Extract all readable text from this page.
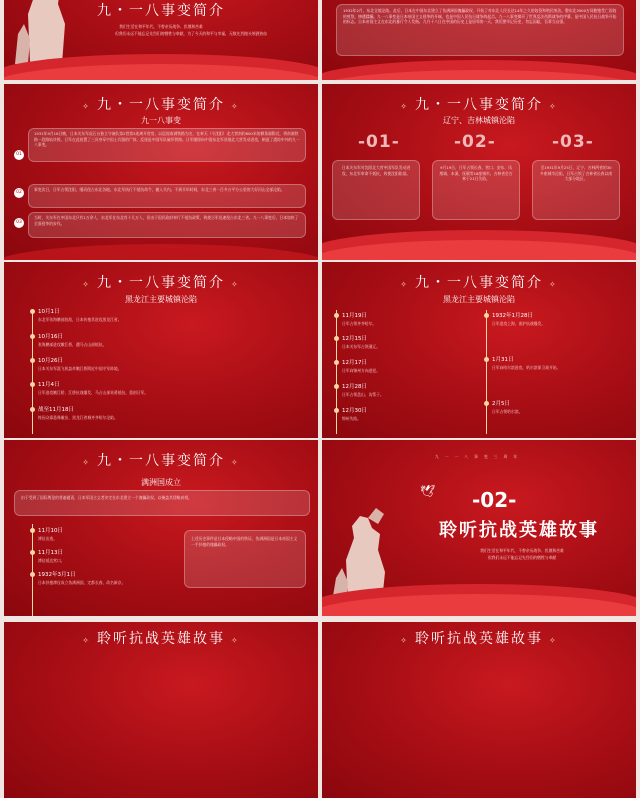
九・一八事变简介
我们生活在和平年代，不曾亲历战争、饥饿和苦难
但我们永远不能忘记先烈们的牺牲与奉献，为了今天的和平与幸福，无数先烈抛头颅洒热血
1932年2月，东北全境沦陷。此后，日本在中国东北建立了伪满洲国傀儡政权，开始了对东北人民长达14年之久的奴役和殖民统治。整东北3000万同胞饱受亡国奴的煎熬，惨遭蹂躏。九一八事变是日本帝国主义侵华的开端，也是中国人民抗日战争的起点。九一八事变揭开了世界反法西斯战争的序幕，是中国人民抗日战争开始的标志。日本帝国主义在东北的暴行令人发指。九月十八日在中国的历史上是屈辱的一天，我们要牢记历史，勿忘国耻，吾辈当自强。
✧ 九・一八事变简介 ✧
九一八事变
1931年9月18日晚，日本关东军虎石台独立守备队第2营第3连离开营房，以巡视南满铁路为名，在奉天（今沈阳）北大营南约800米的柳条湖附近，将南满铁路一段路轨炸毁。日军在此放置了三具身穿中国士兵服的尸体，反诬是中国军队破坏铁路。日军随即向中国东北军驻地北大营发动进攻，制造了震惊中外的九一八事变。
01
事变次日，日军占领沈阳，继而侵占东北各地。东北军执行不抵抗命令，撤入关内。不到半年时间，东北三省一百多万平方公里的大好河山全部沦陷。
02
当时，关东军在中国东北只有1万余人，东北军在东北有十几万人，但由于国民政府奉行不抵抗政策，致使日军迅速侵占东北三省。九一八事变后，日本加快了全面侵华的步伐。
03
✧ 九・一八事变简介 ✧
辽宁、吉林城镇沦陷
-01-	-02-	-03-
日本关东军对沈阳北大营中国军队发动进攻，东北军奉命不抵抗，致使沈阳陷落。
9月19日，日军占领长春、营口、安东、凤凰城、本溪、抚顺等18座城市。吉林省会吉林于21日失陷。
至1931年9月25日，辽宁、吉林两省的30多座城市沦陷，日军占领了吉林省长春以南大部分地区。
✧ 九・一八事变简介 ✧
黑龙江主要城镇沦陷
10月1日
东北军张海鹏部投敌，日本扶植其进攻黑龙江省。
10月16日
张海鹏部进攻嫩江桥，遭马占山部抵抗。
10月26日
日本关东军派飞机轰炸嫩江桥附近中国守军阵地。
11月4日
日军进攻嫩江桥，江桥抗战爆发，马占山部英勇抵抗，重创日军。
战至11月18日
终因众寡悬殊撤出，黑龙江省城齐齐哈尔沦陷。
✧ 九・一八事变简介 ✧
黑龙江主要城镇沦陷
11月19日
日军占领齐齐哈尔。
12月15日
日本关东军占领通辽。
12月17日
日军向锦州方向进犯。
12月28日
日军占领盘山、沟帮子。
12月30日
锦州失陷。
1932年1月28日
日军进攻上海，淞沪抗战爆发。
1月31日
日军向哈尔滨进攻，哈尔滨保卫战开始。
2月5日
日军占领哈尔滨。
✧ 九・一八事变简介 ✧
满洲国成立
由于受到了国际舆论的普遍谴责，日本军国主义者决定在东北建立一个傀儡政权，以掩盖其侵略真相。
11月10日
溥仪出逃。
11月13日
溥仪抵达营口。
1932年3月1日
日本扶植溥仪成立伪满洲国，定都长春，改名新京。
上述历史事件是日本侵略中国的铁证，伪满洲国是日本帝国主义一手扶植的傀儡政权。
九一一八事变三周年
🕊 -02-
聆听抗战英雄故事
我们生活在和平年代，不曾亲历战争、饥饿和苦难
但我们永远不能忘记先烈们的牺牲与奉献
✧ 聆听抗战英雄故事 ✧	✧ 聆听抗战英雄故事 ✧
